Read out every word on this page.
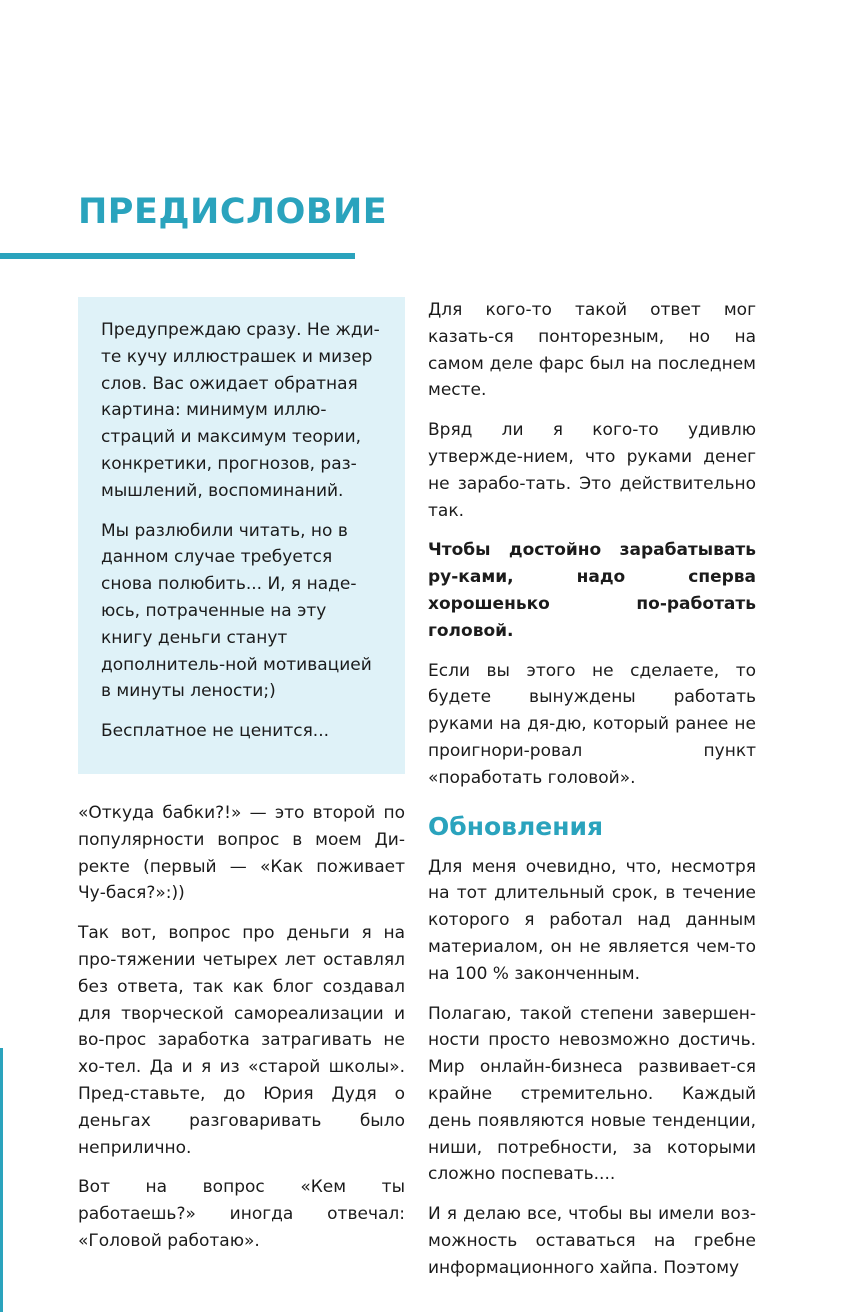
ПРЕДИСЛОВИЕ

Предупреждаю сразу. Не жди-те кучу иллюстрашек и мизер слов. Вас ожидает обратная картина: минимум иллю-страций и максимум теории, конкретики, прогнозов, раз-мышлений, воспоминаний.

Мы разлюбили читать, но в данном случае требуется снова полюбить... И, я наде-юсь, потраченные на эту книгу деньги станут дополнитель-ной мотивацией в минуты лености;)

Бесплатное не ценится...

«Откуда бабки?!» — это второй по популярности вопрос в моем Ди-ректе (первый — «Как поживает Чу-бася?»:))

Так вот, вопрос про деньги я на про-тяжении четырех лет оставлял без ответа, так как блог создавал для творческой самореализации и во-прос заработка затрагивать не хо-тел. Да и я из «старой школы». Пред-ставьте, до Юрия Дудя о деньгах разговаривать было неприлично.

Вот на вопрос «Кем ты работаешь?» иногда отвечал: «Головой работаю».

Для кого-то такой ответ мог казать-ся понторезным, но на самом деле фарс был на последнем месте.

Вряд ли я кого-то удивлю утвержде-нием, что руками денег не зарабо-тать. Это действительно так.

Чтобы достойно зарабатывать ру-ками, надо сперва хорошенько по-работать головой.

Если вы этого не сделаете, то будете вынуждены работать руками на дя-дю, который ранее не проигнори-ровал пункт «поработать головой».

Обновления

Для меня очевидно, что, несмотря на тот длительный срок, в течение которого я работал над данным материалом, он не является чем-то на 100 % законченным.

Полагаю, такой степени завершен-ности просто невозможно достичь. Мир онлайн-бизнеса развивает-ся крайне стремительно. Каждый день появляются новые тенденции, ниши, потребности, за которыми сложно поспевать....

И я делаю все, чтобы вы имели воз-можность оставаться на гребне информационного хайпа. Поэтому
